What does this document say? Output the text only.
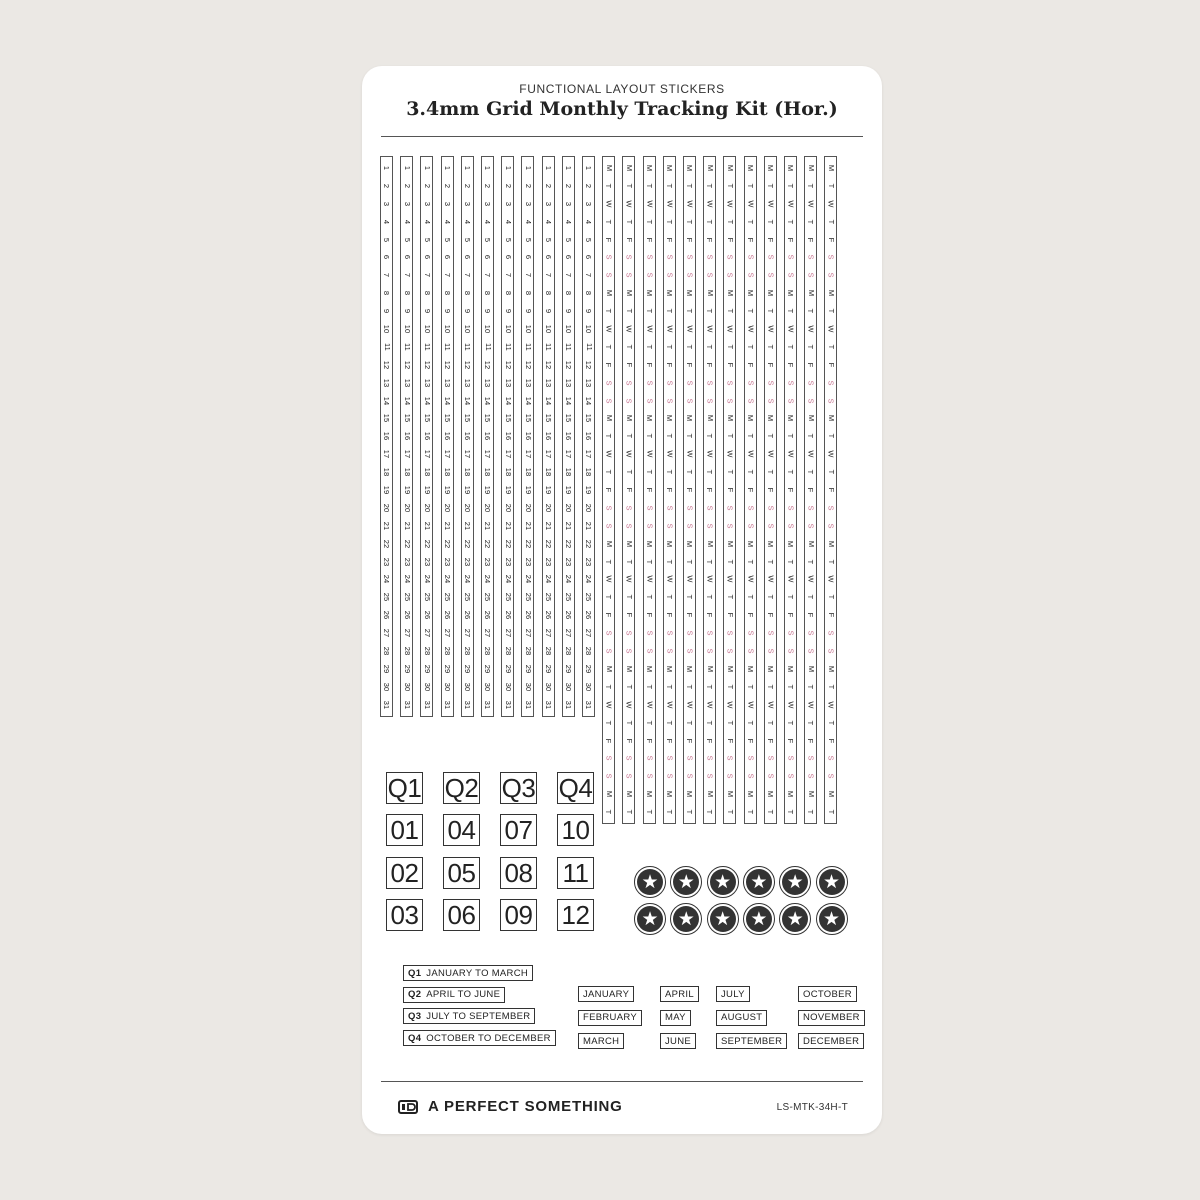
FUNCTIONAL LAYOUT STICKERS
3.4mm Grid Monthly Tracking Kit (Hor.)
1
2
3
4
5
6
7
8
9
10
11
12
13
14
15
16
17
18
19
20
21
22
23
24
25
26
27
28
29
30
31
1
2
3
4
5
6
7
8
9
10
11
12
13
14
15
16
17
18
19
20
21
22
23
24
25
26
27
28
29
30
31
1
2
3
4
5
6
7
8
9
10
11
12
13
14
15
16
17
18
19
20
21
22
23
24
25
26
27
28
29
30
31
1
2
3
4
5
6
7
8
9
10
11
12
13
14
15
16
17
18
19
20
21
22
23
24
25
26
27
28
29
30
31
1
2
3
4
5
6
7
8
9
10
11
12
13
14
15
16
17
18
19
20
21
22
23
24
25
26
27
28
29
30
31
1
2
3
4
5
6
7
8
9
10
11
12
13
14
15
16
17
18
19
20
21
22
23
24
25
26
27
28
29
30
31
1
2
3
4
5
6
7
8
9
10
11
12
13
14
15
16
17
18
19
20
21
22
23
24
25
26
27
28
29
30
31
1
2
3
4
5
6
7
8
9
10
11
12
13
14
15
16
17
18
19
20
21
22
23
24
25
26
27
28
29
30
31
1
2
3
4
5
6
7
8
9
10
11
12
13
14
15
16
17
18
19
20
21
22
23
24
25
26
27
28
29
30
31
1
2
3
4
5
6
7
8
9
10
11
12
13
14
15
16
17
18
19
20
21
22
23
24
25
26
27
28
29
30
31
1
2
3
4
5
6
7
8
9
10
11
12
13
14
15
16
17
18
19
20
21
22
23
24
25
26
27
28
29
30
31
M
T
W
T
F
S
S
M
T
W
T
F
S
S
M
T
W
T
F
S
S
M
T
W
T
F
S
S
M
T
W
T
F
S
S
M
T
M
T
W
T
F
S
S
M
T
W
T
F
S
S
M
T
W
T
F
S
S
M
T
W
T
F
S
S
M
T
W
T
F
S
S
M
T
M
T
W
T
F
S
S
M
T
W
T
F
S
S
M
T
W
T
F
S
S
M
T
W
T
F
S
S
M
T
W
T
F
S
S
M
T
M
T
W
T
F
S
S
M
T
W
T
F
S
S
M
T
W
T
F
S
S
M
T
W
T
F
S
S
M
T
W
T
F
S
S
M
T
M
T
W
T
F
S
S
M
T
W
T
F
S
S
M
T
W
T
F
S
S
M
T
W
T
F
S
S
M
T
W
T
F
S
S
M
T
M
T
W
T
F
S
S
M
T
W
T
F
S
S
M
T
W
T
F
S
S
M
T
W
T
F
S
S
M
T
W
T
F
S
S
M
T
M
T
W
T
F
S
S
M
T
W
T
F
S
S
M
T
W
T
F
S
S
M
T
W
T
F
S
S
M
T
W
T
F
S
S
M
T
M
T
W
T
F
S
S
M
T
W
T
F
S
S
M
T
W
T
F
S
S
M
T
W
T
F
S
S
M
T
W
T
F
S
S
M
T
M
T
W
T
F
S
S
M
T
W
T
F
S
S
M
T
W
T
F
S
S
M
T
W
T
F
S
S
M
T
W
T
F
S
S
M
T
M
T
W
T
F
S
S
M
T
W
T
F
S
S
M
T
W
T
F
S
S
M
T
W
T
F
S
S
M
T
W
T
F
S
S
M
T
M
T
W
T
F
S
S
M
T
W
T
F
S
S
M
T
W
T
F
S
S
M
T
W
T
F
S
S
M
T
W
T
F
S
S
M
T
M
T
W
T
F
S
S
M
T
W
T
F
S
S
M
T
W
T
F
S
S
M
T
W
T
F
S
S
M
T
W
T
F
S
S
M
T
Q1 Q2 Q3 Q4
01 04 07 10
02 05 08 11
03 06 09 12
★ ★ ★ ★ ★ ★
★ ★ ★ ★ ★ ★
Q1 JANUARY TO MARCH
Q2 APRIL TO JUNE
Q3 JULY TO SEPTEMBER
Q4 OCTOBER TO DECEMBER
JANUARY
FEBRUARY
MARCH
APRIL
MAY
JUNE
JULY
AUGUST
SEPTEMBER
OCTOBER
NOVEMBER
DECEMBER
A PERFECT SOMETHING	LS-MTK-34H-T
